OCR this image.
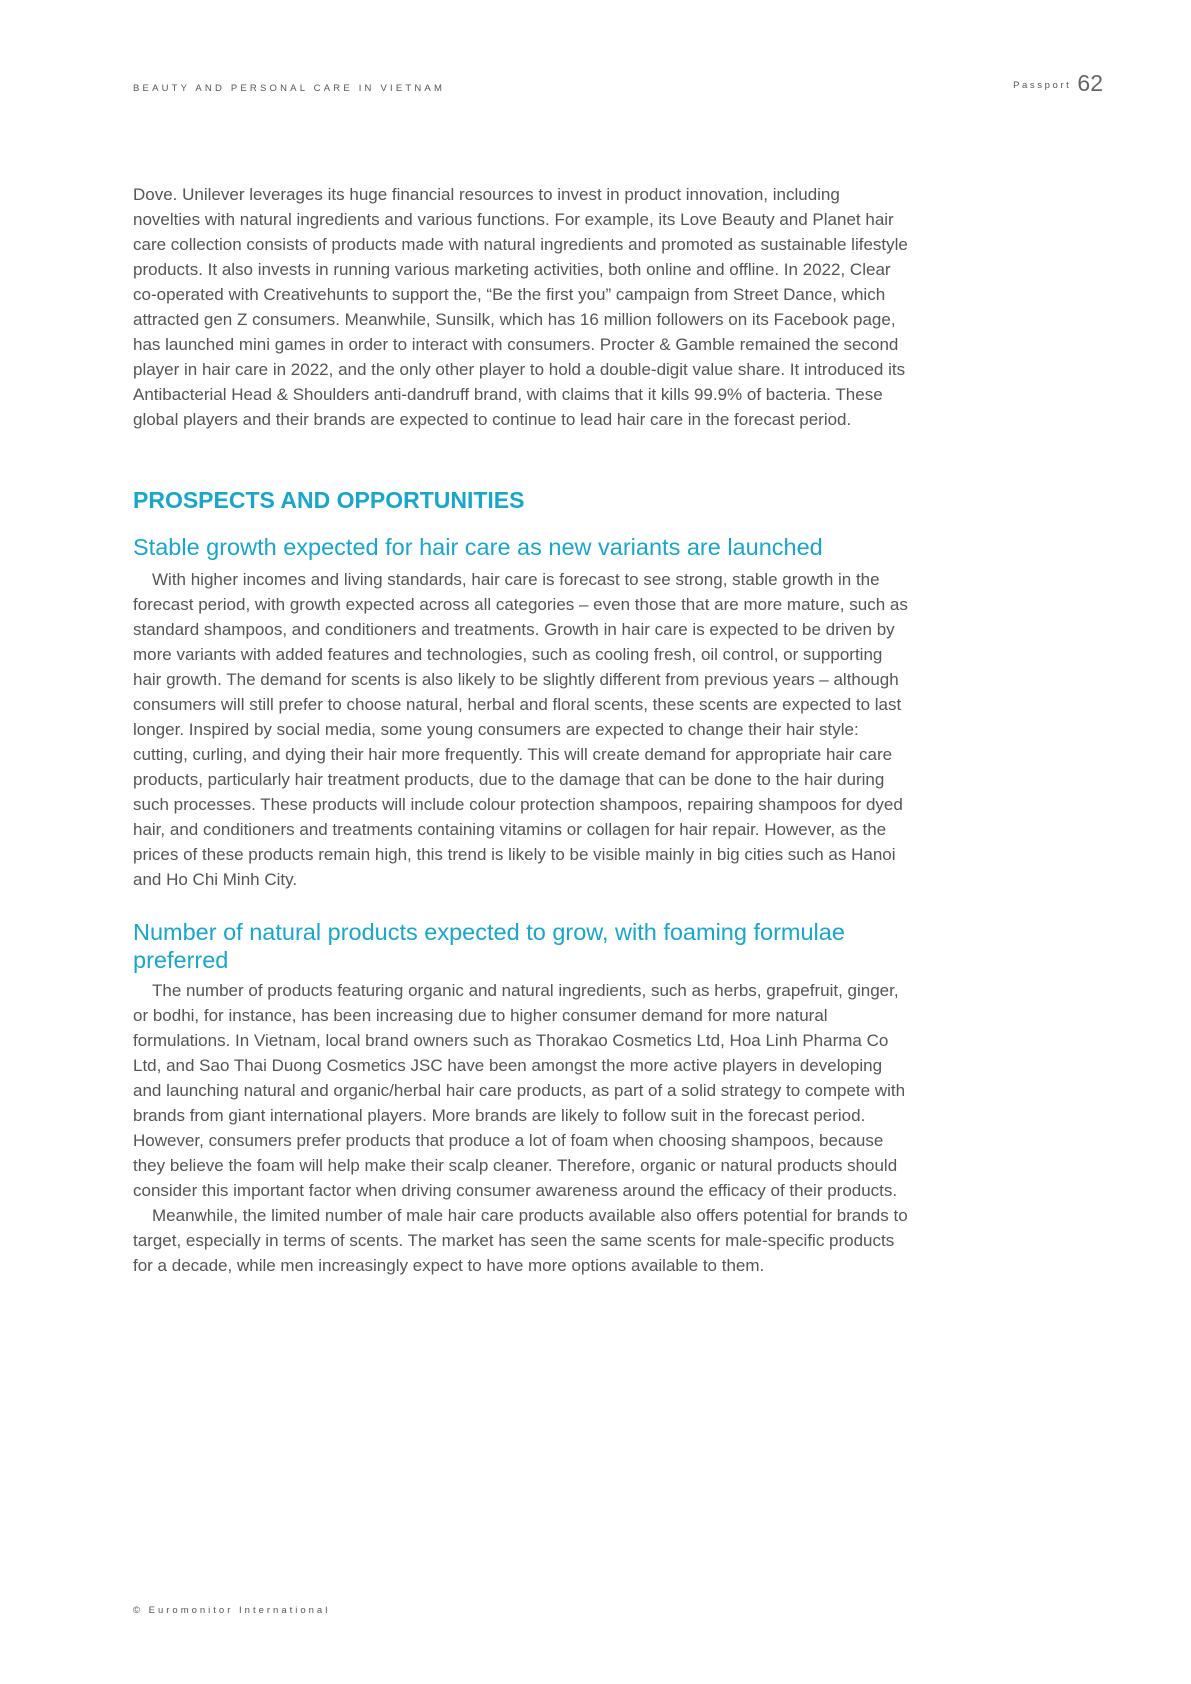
BEAUTY AND PERSONAL CARE IN VIETNAM	Passport 62

Dove. Unilever leverages its huge financial resources to invest in product innovation, including novelties with natural ingredients and various functions. For example, its Love Beauty and Planet hair care collection consists of products made with natural ingredients and promoted as sustainable lifestyle products. It also invests in running various marketing activities, both online and offline. In 2022, Clear co-operated with Creativehunts to support the, “Be the first you” campaign from Street Dance, which attracted gen Z consumers. Meanwhile, Sunsilk, which has 16 million followers on its Facebook page, has launched mini games in order to interact with consumers. Procter & Gamble remained the second player in hair care in 2022, and the only other player to hold a double-digit value share. It introduced its Antibacterial Head & Shoulders anti-dandruff brand, with claims that it kills 99.9% of bacteria. These global players and their brands are expected to continue to lead hair care in the forecast period.

PROSPECTS AND OPPORTUNITIES
Stable growth expected for hair care as new variants are launched

With higher incomes and living standards, hair care is forecast to see strong, stable growth in the forecast period, with growth expected across all categories – even those that are more mature, such as standard shampoos, and conditioners and treatments. Growth in hair care is expected to be driven by more variants with added features and technologies, such as cooling fresh, oil control, or supporting hair growth. The demand for scents is also likely to be slightly different from previous years – although consumers will still prefer to choose natural, herbal and floral scents, these scents are expected to last longer. Inspired by social media, some young consumers are expected to change their hair style: cutting, curling, and dying their hair more frequently. This will create demand for appropriate hair care products, particularly hair treatment products, due to the damage that can be done to the hair during such processes. These products will include colour protection shampoos, repairing shampoos for dyed hair, and conditioners and treatments containing vitamins or collagen for hair repair. However, as the prices of these products remain high, this trend is likely to be visible mainly in big cities such as Hanoi and Ho Chi Minh City.

Number of natural products expected to grow, with foaming formulae preferred

The number of products featuring organic and natural ingredients, such as herbs, grapefruit, ginger, or bodhi, for instance, has been increasing due to higher consumer demand for more natural formulations. In Vietnam, local brand owners such as Thorakao Cosmetics Ltd, Hoa Linh Pharma Co Ltd, and Sao Thai Duong Cosmetics JSC have been amongst the more active players in developing and launching natural and organic/herbal hair care products, as part of a solid strategy to compete with brands from giant international players. More brands are likely to follow suit in the forecast period. However, consumers prefer products that produce a lot of foam when choosing shampoos, because they believe the foam will help make their scalp cleaner. Therefore, organic or natural products should consider this important factor when driving consumer awareness around the efficacy of their products.

Meanwhile, the limited number of male hair care products available also offers potential for brands to target, especially in terms of scents. The market has seen the same scents for male-specific products for a decade, while men increasingly expect to have more options available to them.

© Euromonitor International
